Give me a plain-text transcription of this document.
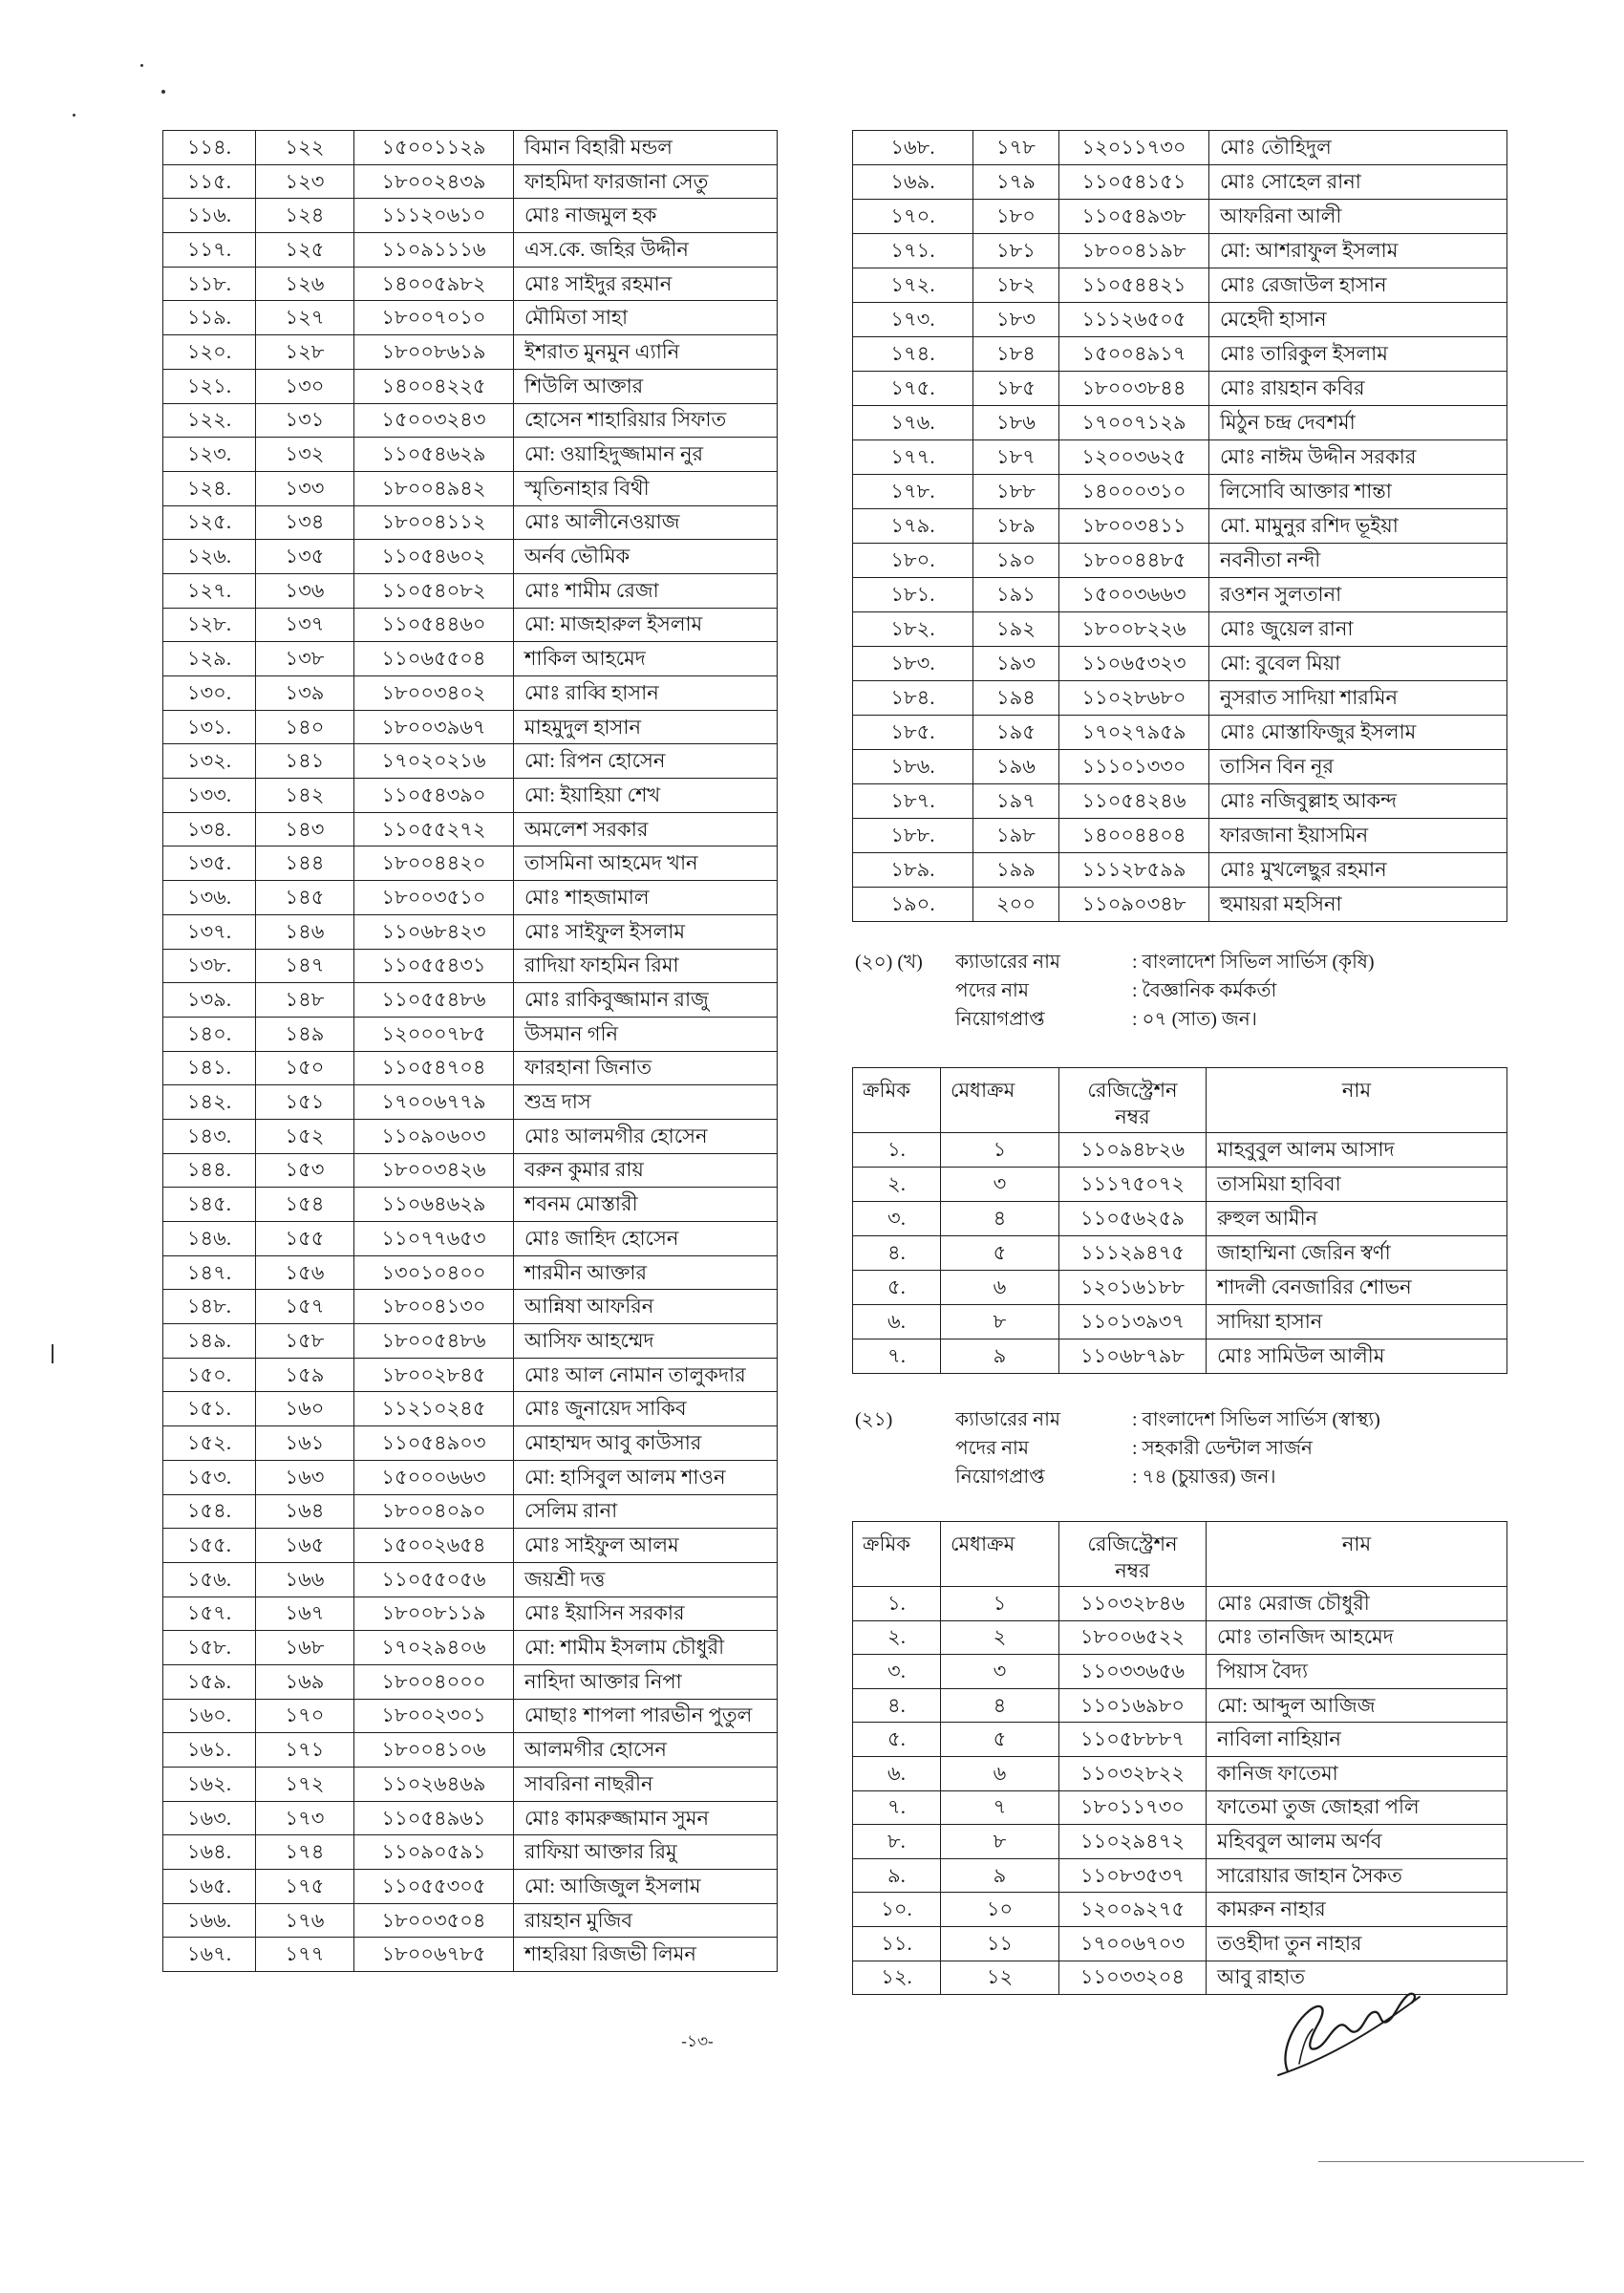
১১৪.	১২২	১৫০০১১২৯	বিমান বিহারী মন্ডল
১১৫.	১২৩	১৮০০২৪৩৯	ফাহমিদা ফারজানা সেতু
১১৬.	১২৪	১১১২০৬১০	মোঃ নাজমুল হক
১১৭.	১২৫	১১০৯১১১৬	এস.কে. জহির উদ্দীন
১১৮.	১২৬	১৪০০৫৯৮২	মোঃ সাইদুর রহমান
১১৯.	১২৭	১৮০০৭০১০	মৌমিতা সাহা
১২০.	১২৮	১৮০০৮৬১৯	ইশরাত মুনমুন এ্যানি
১২১.	১৩০	১৪০০৪২২৫	শিউলি আক্তার
১২২.	১৩১	১৫০০৩২৪৩	হোসেন শাহারিয়ার সিফাত
১২৩.	১৩২	১১০৫৪৬২৯	মো: ওয়াহিদুজ্জামান নুর
১২৪.	১৩৩	১৮০০৪৯৪২	স্মৃতিনাহার বিথী
১২৫.	১৩৪	১৮০০৪১১২	মোঃ আলীনেওয়াজ
১২৬.	১৩৫	১১০৫৪৬০২	অর্নব ভৌমিক
১২৭.	১৩৬	১১০৫৪০৮২	মোঃ শামীম রেজা
১২৮.	১৩৭	১১০৫৪৪৬০	মো: মাজহারুল ইসলাম
১২৯.	১৩৮	১১০৬৫৫০৪	শাকিল আহমেদ
১৩০.	১৩৯	১৮০০৩৪০২	মোঃ রাব্বি হাসান
১৩১.	১৪০	১৮০০৩৯৬৭	মাহমুদুল হাসান
১৩২.	১৪১	১৭০২০২১৬	মো: রিপন হোসেন
১৩৩.	১৪২	১১০৫৪৩৯০	মো: ইয়াহিয়া শেখ
১৩৪.	১৪৩	১১০৫৫২৭২	অমলেশ সরকার
১৩৫.	১৪৪	১৮০০৪৪২০	তাসমিনা আহমেদ খান
১৩৬.	১৪৫	১৮০০৩৫১০	মোঃ শাহজামাল
১৩৭.	১৪৬	১১০৬৮৪২৩	মোঃ সাইফুল ইসলাম
১৩৮.	১৪৭	১১০৫৫৪৩১	রাদিয়া ফাহমিন রিমা
১৩৯.	১৪৮	১১০৫৫৪৮৬	মোঃ রাকিবুজ্জামান রাজু
১৪০.	১৪৯	১২০০০৭৮৫	উসমান গনি
১৪১.	১৫০	১১০৫৪৭০৪	ফারহানা জিনাত
১৪২.	১৫১	১৭০০৬৭৭৯	শুভ্র দাস
১৪৩.	১৫২	১১০৯০৬০৩	মোঃ আলমগীর হোসেন
১৪৪.	১৫৩	১৮০০৩৪২৬	বরুন কুমার রায়
১৪৫.	১৫৪	১১০৬৪৬২৯	শবনম মোস্তারী
১৪৬.	১৫৫	১১০৭৭৬৫৩	মোঃ জাহিদ হোসেন
১৪৭.	১৫৬	১৩০১০৪০০	শারমীন আক্তার
১৪৮.	১৫৭	১৮০০৪১৩০	আন্নিষা আফরিন
১৪৯.	১৫৮	১৮০০৫৪৮৬	আসিফ আহম্মেদ
১৫০.	১৫৯	১৮০০২৮৪৫	মোঃ আল নোমান তালুকদার
১৫১.	১৬০	১১২১০২৪৫	মোঃ জুনায়েদ সাকিব
১৫২.	১৬১	১১০৫৪৯০৩	মোহাম্মদ আবু কাউসার
১৫৩.	১৬৩	১৫০০০৬৬৩	মো: হাসিবুল আলম শাওন
১৫৪.	১৬৪	১৮০০৪০৯০	সেলিম রানা
১৫৫.	১৬৫	১৫০০২৬৫৪	মোঃ সাইফুল আলম
১৫৬.	১৬৬	১১০৫৫০৫৬	জয়শ্রী দত্ত
১৫৭.	১৬৭	১৮০০৮১১৯	মোঃ ইয়াসিন সরকার
১৫৮.	১৬৮	১৭০২৯৪০৬	মো: শামীম ইসলাম চৌধুরী
১৫৯.	১৬৯	১৮০০৪০০০	নাহিদা আক্তার নিপা
১৬০.	১৭০	১৮০০২৩০১	মোছাঃ শাপলা পারভীন পুতুল
১৬১.	১৭১	১৮০০৪১০৬	আলমগীর হোসেন
১৬২.	১৭২	১১০২৬৪৬৯	সাবরিনা নাছরীন
১৬৩.	১৭৩	১১০৫৪৯৬১	মোঃ কামরুজ্জামান সুমন
১৬৪.	১৭৪	১১০৯০৫৯১	রাফিয়া আক্তার রিমু
১৬৫.	১৭৫	১১০৫৫৩০৫	মো: আজিজুল ইসলাম
১৬৬.	১৭৬	১৮০০৩৫০৪	রায়হান মুজিব
১৬৭.	১৭৭	১৮০০৬৭৮৫	শাহরিয়া রিজভী লিমন
১৬৮.	১৭৮	১২০১১৭৩০	মোঃ তৌহিদুল
১৬৯.	১৭৯	১১০৫৪১৫১	মোঃ সোহেল রানা
১৭০.	১৮০	১১০৫৪৯৩৮	আফরিনা আলী
১৭১.	১৮১	১৮০০৪১৯৮	মো: আশরাফুল ইসলাম
১৭২.	১৮২	১১০৫৪৪২১	মোঃ রেজাউল হাসান
১৭৩.	১৮৩	১১১২৬৫০৫	মেহেদী হাসান
১৭৪.	১৮৪	১৫০০৪৯১৭	মোঃ তারিকুল ইসলাম
১৭৫.	১৮৫	১৮০০৩৮৪৪	মোঃ রায়হান কবির
১৭৬.	১৮৬	১৭০০৭১২৯	মিঠুন চন্দ্র দেবশর্মা
১৭৭.	১৮৭	১২০০৩৬২৫	মোঃ নাঈম উদ্দীন সরকার
১৭৮.	১৮৮	১৪০০০৩১০	লিসোবি আক্তার শান্তা
১৭৯.	১৮৯	১৮০০৩৪১১	মো. মামুনুর রশিদ ভূইয়া
১৮০.	১৯০	১৮০০৪৪৮৫	নবনীতা নন্দী
১৮১.	১৯১	১৫০০৩৬৬৩	রওশন সুলতানা
১৮২.	১৯২	১৮০০৮২২৬	মোঃ জুয়েল রানা
১৮৩.	১৯৩	১১০৬৫৩২৩	মো: বুবেল মিয়া
১৮৪.	১৯৪	১১০২৮৬৮০	নুসরাত সাদিয়া শারমিন
১৮৫.	১৯৫	১৭০২৭৯৫৯	মোঃ মোস্তাফিজুর ইসলাম
১৮৬.	১৯৬	১১১০১৩৩০	তাসিন বিন নূর
১৮৭.	১৯৭	১১০৫৪২৪৬	মোঃ নজিবুল্লাহ আকন্দ
১৮৮.	১৯৮	১৪০০৪৪০৪	ফারজানা ইয়াসমিন
১৮৯.	১৯৯	১১১২৮৫৯৯	মোঃ মুখলেছুর রহমান
১৯০.	২০০	১১০৯০৩৪৮	হুমায়রা মহসিনা
(২০) (খ) ক্যাডারের নাম	: বাংলাদেশ সিভিল সার্ভিস (কৃষি)
পদের নাম	: বৈজ্ঞানিক কর্মকর্তা
নিয়োগপ্রাপ্ত	: ০৭ (সাত) জন।
ক্রমিক	মেধাক্রম	রেজিস্ট্রেশন নম্বর	নাম
১.	১	১১০৯৪৮২৬	মাহবুবুল আলম আসাদ
২.	৩	১১১৭৫০৭২	তাসমিয়া হাবিবা
৩.	৪	১১০৫৬২৫৯	রুহুল আমীন
৪.	৫	১১১২৯৪৭৫	জাহাম্মিনা জেরিন স্বর্ণা
৫.	৬	১২০১৬১৮৮	শাদলী বেনজারির শোভন
৬.	৮	১১০১৩৯৩৭	সাদিয়া হাসান
৭.	৯	১১০৬৮৭৯৮	মোঃ সামিউল আলীম
(২১)	ক্যাডারের নাম	: বাংলাদেশ সিভিল সার্ভিস (স্বাস্থ্য)
পদের নাম	: সহকারী ডেন্টাল সার্জন
নিয়োগপ্রাপ্ত	: ৭৪ (চুয়াত্তর) জন।
ক্রমিক	মেধাক্রম	রেজিস্ট্রেশন নম্বর	নাম
১.	১	১১০৩২৮৪৬	মোঃ মেরাজ চৌধুরী
২.	২	১৮০০৬৫২২	মোঃ তানজিদ আহমেদ
৩.	৩	১১০৩৩৬৫৬	পিয়াস বৈদ্য
৪.	৪	১১০১৬৯৮০	মো: আব্দুল আজিজ
৫.	৫	১১০৫৮৮৮৭	নাবিলা নাহিয়ান
৬.	৬	১১০৩২৮২২	কানিজ ফাতেমা
৭.	৭	১৮০১১৭৩০	ফাতেমা তুজ জোহরা পলি
৮.	৮	১১০২৯৪৭২	মহিববুল আলম অর্ণব
৯.	৯	১১০৮৩৫৩৭	সারোয়ার জাহান সৈকত
১০.	১০	১২০০৯২৭৫	কামরুন নাহার
১১.	১১	১৭০০৬৭০৩	তওহীদা তুন নাহার
১২.	১২	১১০৩৩২০৪	আবু রাহাত
-১৩-
